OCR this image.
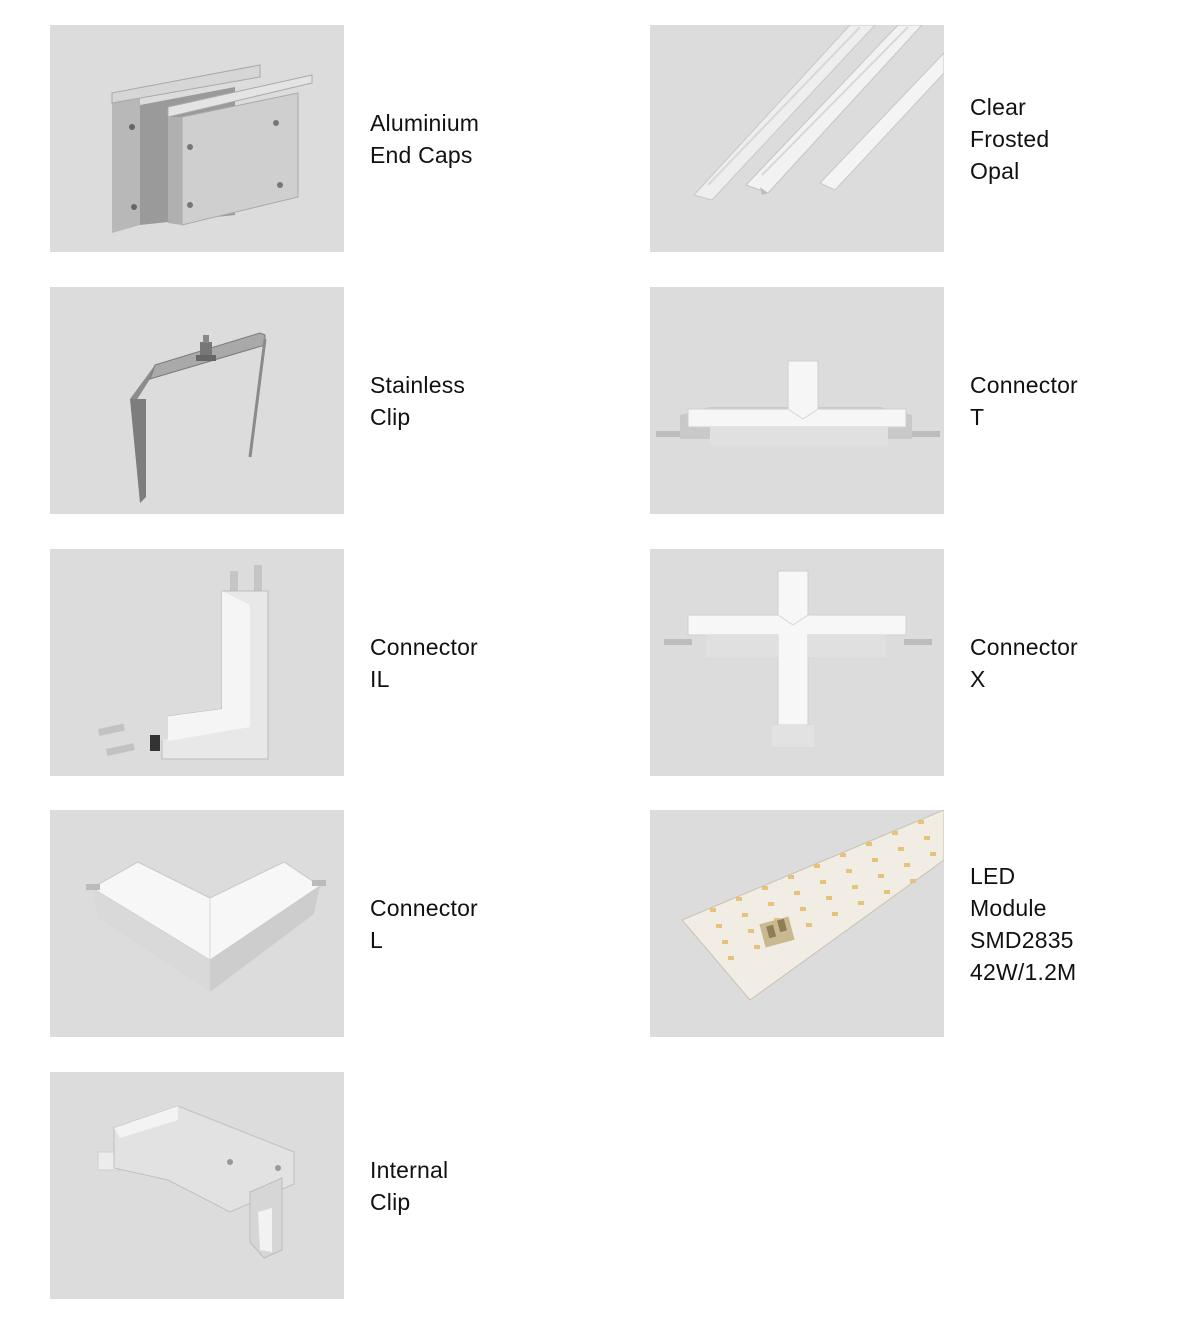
Aluminium
End Caps
Clear
Frosted
Opal
Stainless Clip
Connector T
Connector IL
Connector X
Connector L
LED Module
SMD2835
42W/1.2M
Internal Clip
